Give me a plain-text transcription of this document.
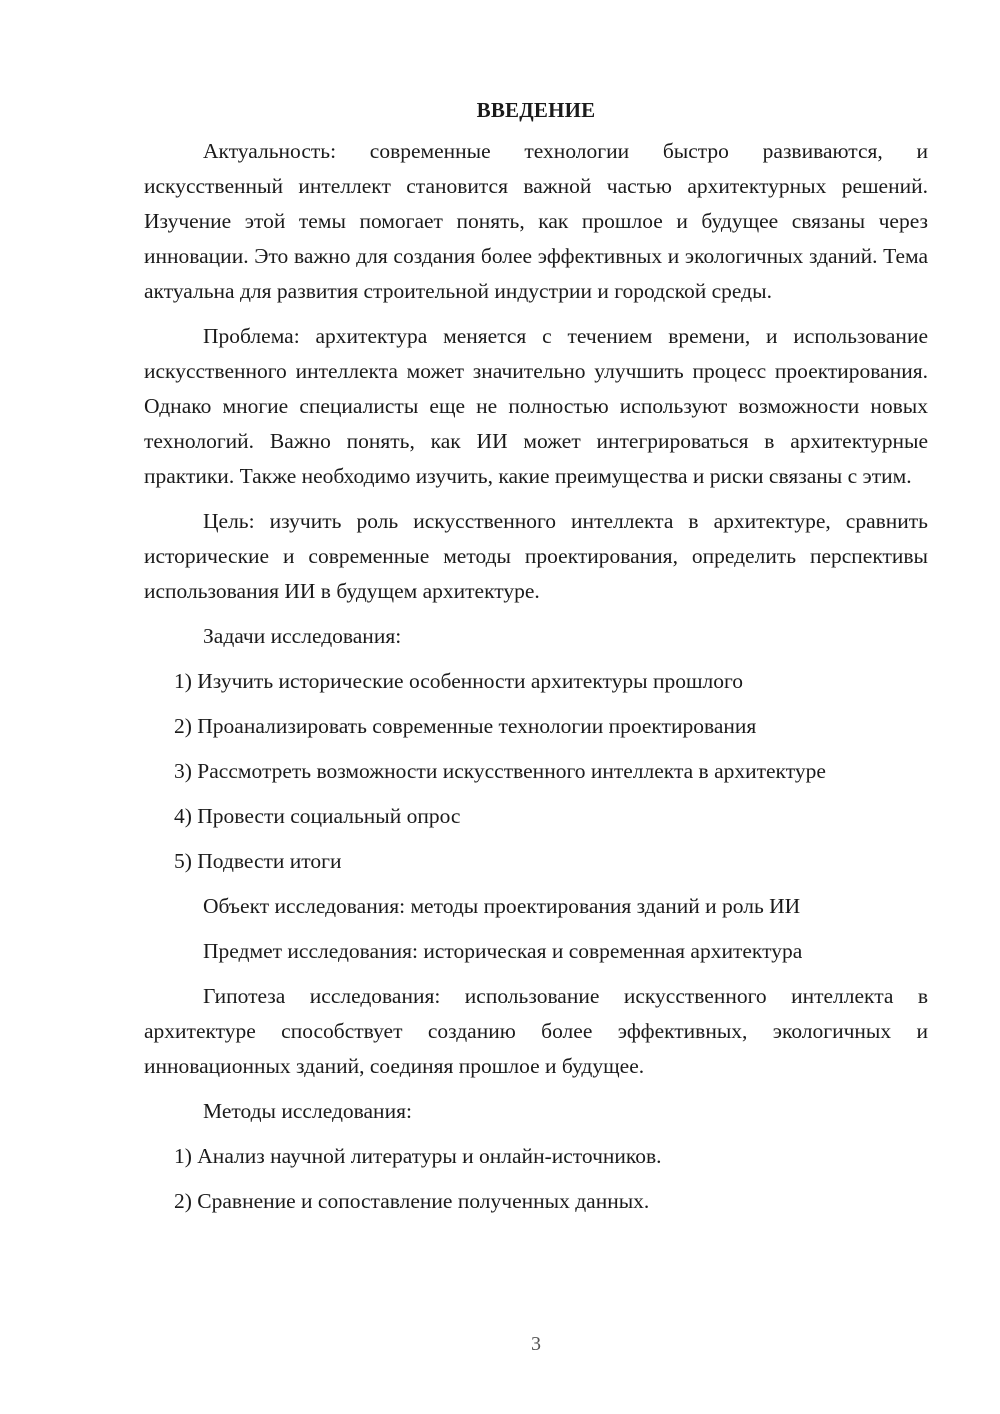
ВВЕДЕНИЕ

Актуальность: современные технологии быстро развиваются, и искусственный интеллект становится важной частью архитектурных решений. Изучение этой темы помогает понять, как прошлое и будущее связаны через инновации. Это важно для создания более эффективных и экологичных зданий. Тема актуальна для развития строительной индустрии и городской среды.

Проблема: архитектура меняется с течением времени, и использование искусственного интеллекта может значительно улучшить процесс проектирования. Однако многие специалисты еще не полностью используют возможности новых технологий. Важно понять, как ИИ может интегрироваться в архитектурные практики. Также необходимо изучить, какие преимущества и риски связаны с этим.

Цель: изучить роль искусственного интеллекта в архитектуре, сравнить исторические и современные методы проектирования, определить перспективы использования ИИ в будущем архитектуре.

Задачи исследования:
1) Изучить исторические особенности архитектуры прошлого
2) Проанализировать современные технологии проектирования
3) Рассмотреть возможности искусственного интеллекта в архитектуре
4) Провести социальный опрос
5) Подвести итоги
Объект исследования: методы проектирования зданий и роль ИИ
Предмет исследования: историческая и современная архитектура

Гипотеза исследования: использование искусственного интеллекта в архитектуре способствует созданию более эффективных, экологичных и инновационных зданий, соединяя прошлое и будущее.

Методы исследования:
1) Анализ научной литературы и онлайн-источников.
2) Сравнение и сопоставление полученных данных.
3
